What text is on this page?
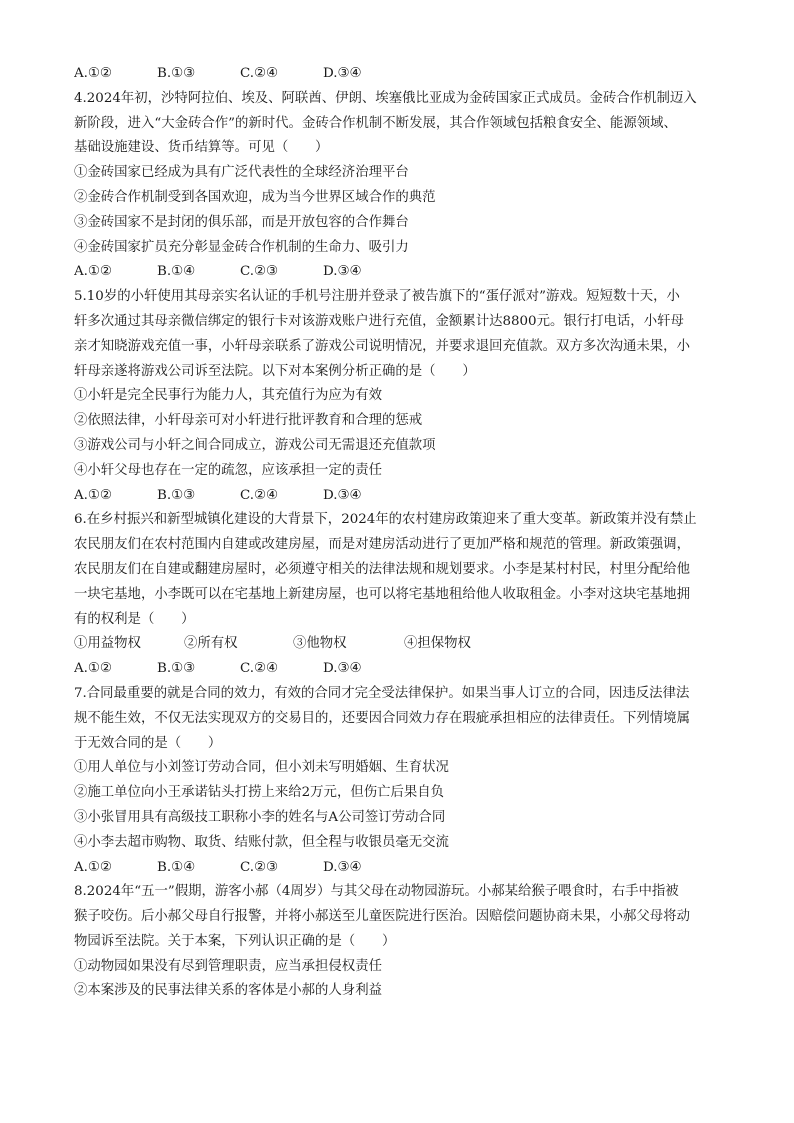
A.①②	B.①③	C.②④	D.③④
4.2024年初，沙特阿拉伯、埃及、阿联酋、伊朗、埃塞俄比亚成为金砖国家正式成员。金砖合作机制迈入
新阶段，进入“大金砖合作”的新时代。金砖合作机制不断发展，其合作领域包括粮食安全、能源领域、
基础设施建设、货币结算等。可见（　　）
①金砖国家已经成为具有广泛代表性的全球经济治理平台
②金砖合作机制受到各国欢迎，成为当今世界区域合作的典范
③金砖国家不是封闭的俱乐部，而是开放包容的合作舞台
④金砖国家扩员充分彰显金砖合作机制的生命力、吸引力
A.①②	B.①④	C.②③	D.③④
5.10岁的小轩使用其母亲实名认证的手机号注册并登录了被告旗下的“蛋仔派对”游戏。短短数十天，小
轩多次通过其母亲微信绑定的银行卡对该游戏账户进行充值，金额累计达8800元。银行打电话，小轩母
亲才知晓游戏充值一事，小轩母亲联系了游戏公司说明情况，并要求退回充值款。双方多次沟通未果，小
轩母亲遂将游戏公司诉至法院。以下对本案例分析正确的是（　　）
①小轩是完全民事行为能力人，其充值行为应为有效
②依照法律，小轩母亲可对小轩进行批评教育和合理的惩戒
③游戏公司与小轩之间合同成立，游戏公司无需退还充值款项
④小轩父母也存在一定的疏忽，应该承担一定的责任
A.①②	B.①③	C.②④	D.③④
6.在乡村振兴和新型城镇化建设的大背景下，2024年的农村建房政策迎来了重大变革。新政策并没有禁止
农民朋友们在农村范围内自建或改建房屋，而是对建房活动进行了更加严格和规范的管理。新政策强调，
农民朋友们在自建或翻建房屋时，必须遵守相关的法律法规和规划要求。小李是某村村民，村里分配给他
一块宅基地，小李既可以在宅基地上新建房屋，也可以将宅基地租给他人收取租金。小李对这块宅基地拥
有的权利是（　　）
①用益物权	②所有权	③他物权	④担保物权
A.①②	B.①③	C.②④	D.③④
7.合同最重要的就是合同的效力，有效的合同才完全受法律保护。如果当事人订立的合同，因违反法律法
规不能生效，不仅无法实现双方的交易目的，还要因合同效力存在瑕疵承担相应的法律责任。下列情境属
于无效合同的是（　　）
①用人单位与小刘签订劳动合同，但小刘未写明婚姻、生育状况
②施工单位向小王承诺钻头打捞上来给2万元，但伤亡后果自负
③小张冒用具有高级技工职称小李的姓名与A公司签订劳动合同
④小李去超市购物、取货、结账付款，但全程与收银员毫无交流
A.①②	B.①④	C.②③	D.③④
8.2024年“五一”假期，游客小郝（4周岁）与其父母在动物园游玩。小郝某给猴子喂食时，右手中指被
猴子咬伤。后小郝父母自行报警，并将小郝送至儿童医院进行医治。因赔偿问题协商未果，小郝父母将动
物园诉至法院。关于本案，下列认识正确的是（　　）
①动物园如果没有尽到管理职责，应当承担侵权责任
②本案涉及的民事法律关系的客体是小郝的人身利益
